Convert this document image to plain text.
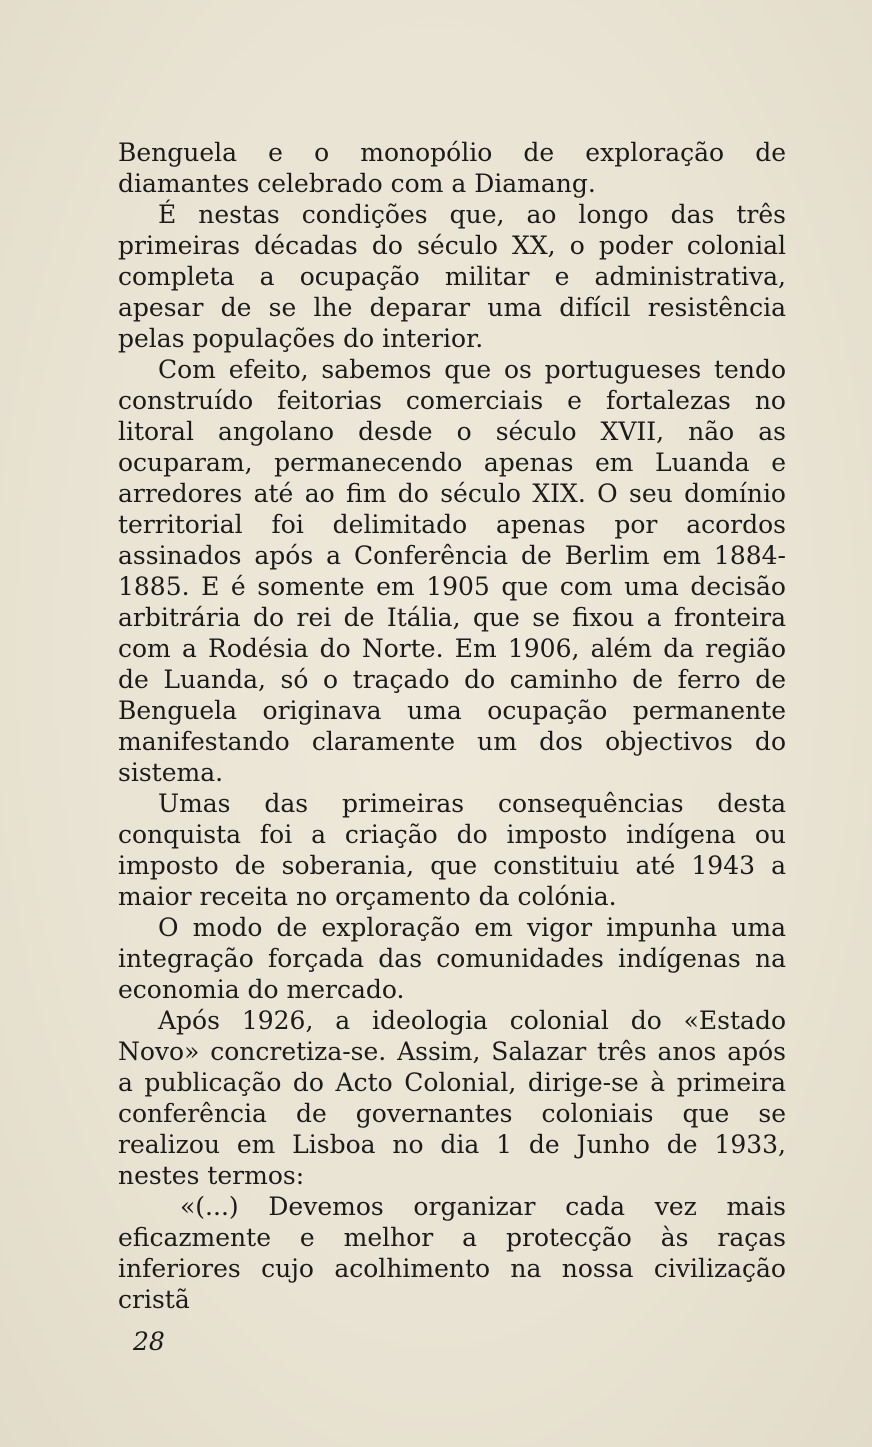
Benguela e o monopólio de exploração de diamantes celebrado com a Diamang.

É nestas condições que, ao longo das três primeiras décadas do século XX, o poder colonial completa a ocupação militar e administrativa, apesar de se lhe deparar uma difícil resistência pelas populações do interior.

Com efeito, sabemos que os portugueses tendo construído feitorias comerciais e fortalezas no litoral angolano desde o século XVII, não as ocuparam, permanecendo apenas em Luanda e arredores até ao fim do século XIX. O seu domínio territorial foi delimitado apenas por acordos assinados após a Conferência de Berlim em 1884-1885. E é somente em 1905 que com uma decisão arbitrária do rei de Itália, que se fixou a fronteira com a Rodésia do Norte. Em 1906, além da região de Luanda, só o traçado do caminho de ferro de Benguela originava uma ocupação permanente manifestando claramente um dos objectivos do sistema.

Umas das primeiras consequências desta conquista foi a criação do imposto indígena ou imposto de soberania, que constituiu até 1943 a maior receita no orçamento da colónia.

O modo de exploração em vigor impunha uma integração forçada das comunidades indígenas na economia do mercado.

Após 1926, a ideologia colonial do «Estado Novo» concretiza-se. Assim, Salazar três anos após a publicação do Acto Colonial, dirige-se à primeira conferência de governantes coloniais que se realizou em Lisboa no dia 1 de Junho de 1933, nestes termos:

«(...) Devemos organizar cada vez mais eficazmente e melhor a protecção às raças inferiores cujo acolhimento na nossa civilização cristã

28
